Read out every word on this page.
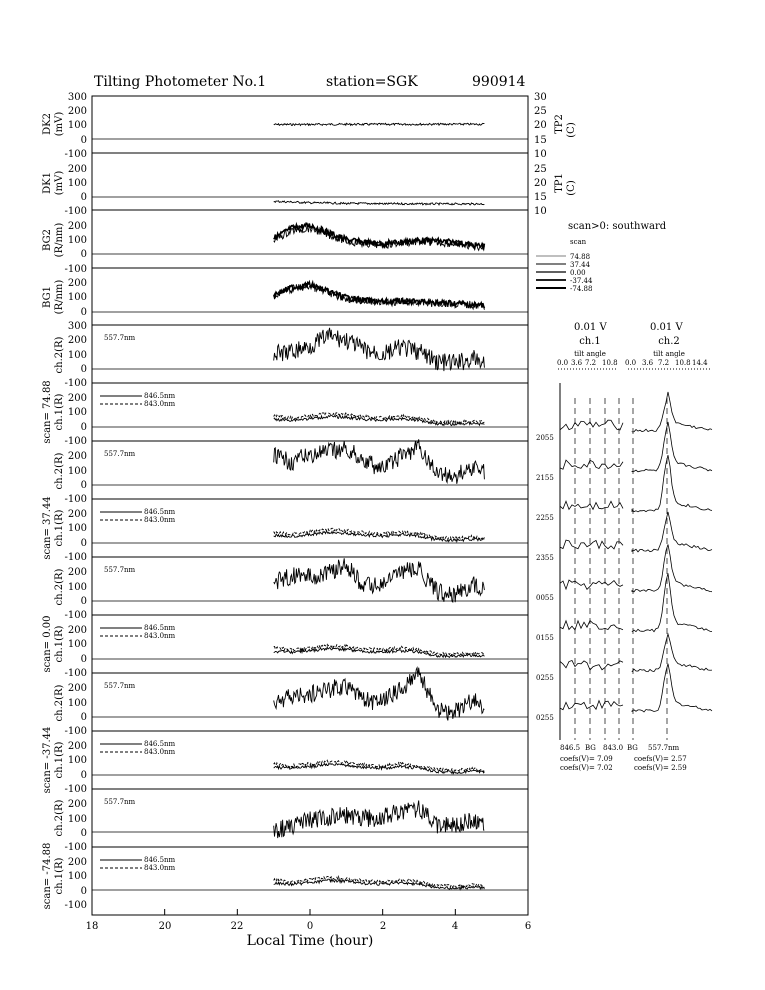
Tilting Photometer No.1	station=SGK	990914
DK2 (mV)
DK1 (mV)
TP2 (C)
TP1 (C)
BG2 (R/nm)
BG1 (R/nm)
scan= 74.88
ch.2(R)
ch.1(R)
scan= 37.44
ch.2(R)
ch.1(R)
scan= 0.00
ch.2(R)
ch.1(R)
scan= -37.44
ch.2(R)
ch.1(R)
scan= -74.88
ch.2(R)
ch.1(R)
557.7nm
557.7nm
557.7nm
557.7nm
557.7nm
846.5nm
843.0nm
846.5nm
843.0nm
846.5nm
843.0nm
846.5nm
843.0nm
846.5nm
843.0nm
300
200
100
0
-100
200
100
0
-100
200
100
0
-100
200
100
0
300
200
100
0
-100
200
100
0
-100
200
100
0
-100
200
100
0
-100
200
100
0
-100
200
100
0
-100
200
100
0
-100
200
100
0
-100
200
100
0
-100
200
100
0
-100
30
25
20
15
10
25
20
15
10
18	20	22	0	2	4	6
Local Time (hour)
scan>0: southward
scan
74.88
37.44
0.00
-37.44
-74.88
0.01 V	0.01 V
ch.1	ch.2
tilt angle	tilt angle
0.0 3.6 7.2 10.8 0.0 3.6 7.2 10.8 14.4
2055
2155
2255
2355
0055
0155
0255
0255
846.5 BG 843.0 BG 557.7nm
coefs(V)= 7.09
coefs(V)= 7.02
coefs(V)= 2.57
coefs(V)= 2.59
